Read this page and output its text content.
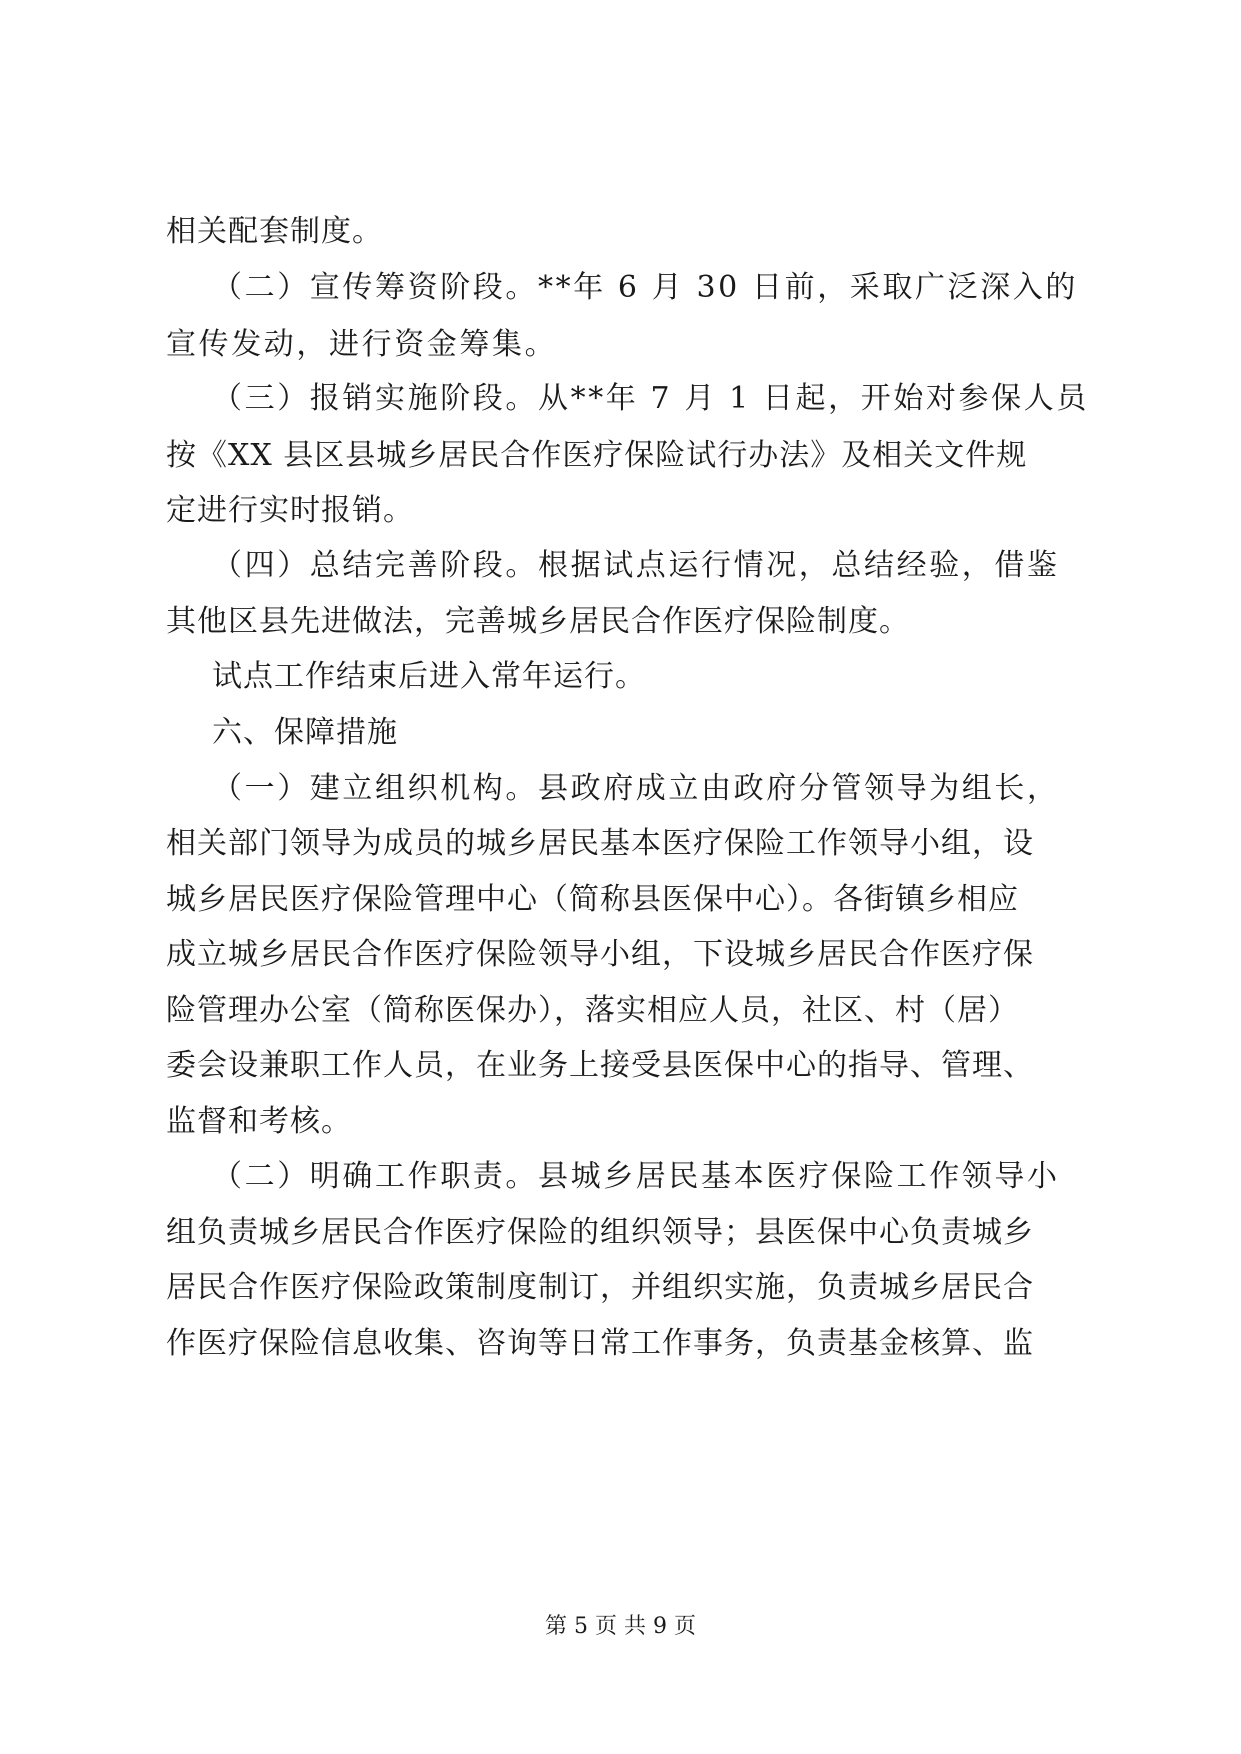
相关配套制度。
（二）宣传筹资阶段。**年 6 月 30 日前，采取广泛深入的
宣传发动，进行资金筹集。
（三）报销实施阶段。从**年 7 月 1 日起，开始对参保人员
按《XX 县区县城乡居民合作医疗保险试行办法》及相关文件规
定进行实时报销。
（四）总结完善阶段。根据试点运行情况，总结经验，借鉴
其他区县先进做法，完善城乡居民合作医疗保险制度。
试点工作结束后进入常年运行。
六、保障措施
（一）建立组织机构。县政府成立由政府分管领导为组长，
相关部门领导为成员的城乡居民基本医疗保险工作领导小组，设
城乡居民医疗保险管理中心（简称县医保中心）。各街镇乡相应
成立城乡居民合作医疗保险领导小组，下设城乡居民合作医疗保
险管理办公室（简称医保办），落实相应人员，社区、村（居）
委会设兼职工作人员，在业务上接受县医保中心的指导、管理、
监督和考核。
（二）明确工作职责。县城乡居民基本医疗保险工作领导小
组负责城乡居民合作医疗保险的组织领导；县医保中心负责城乡
居民合作医疗保险政策制度制订，并组织实施，负责城乡居民合
作医疗保险信息收集、咨询等日常工作事务，负责基金核算、监
第 5 页 共 9 页
